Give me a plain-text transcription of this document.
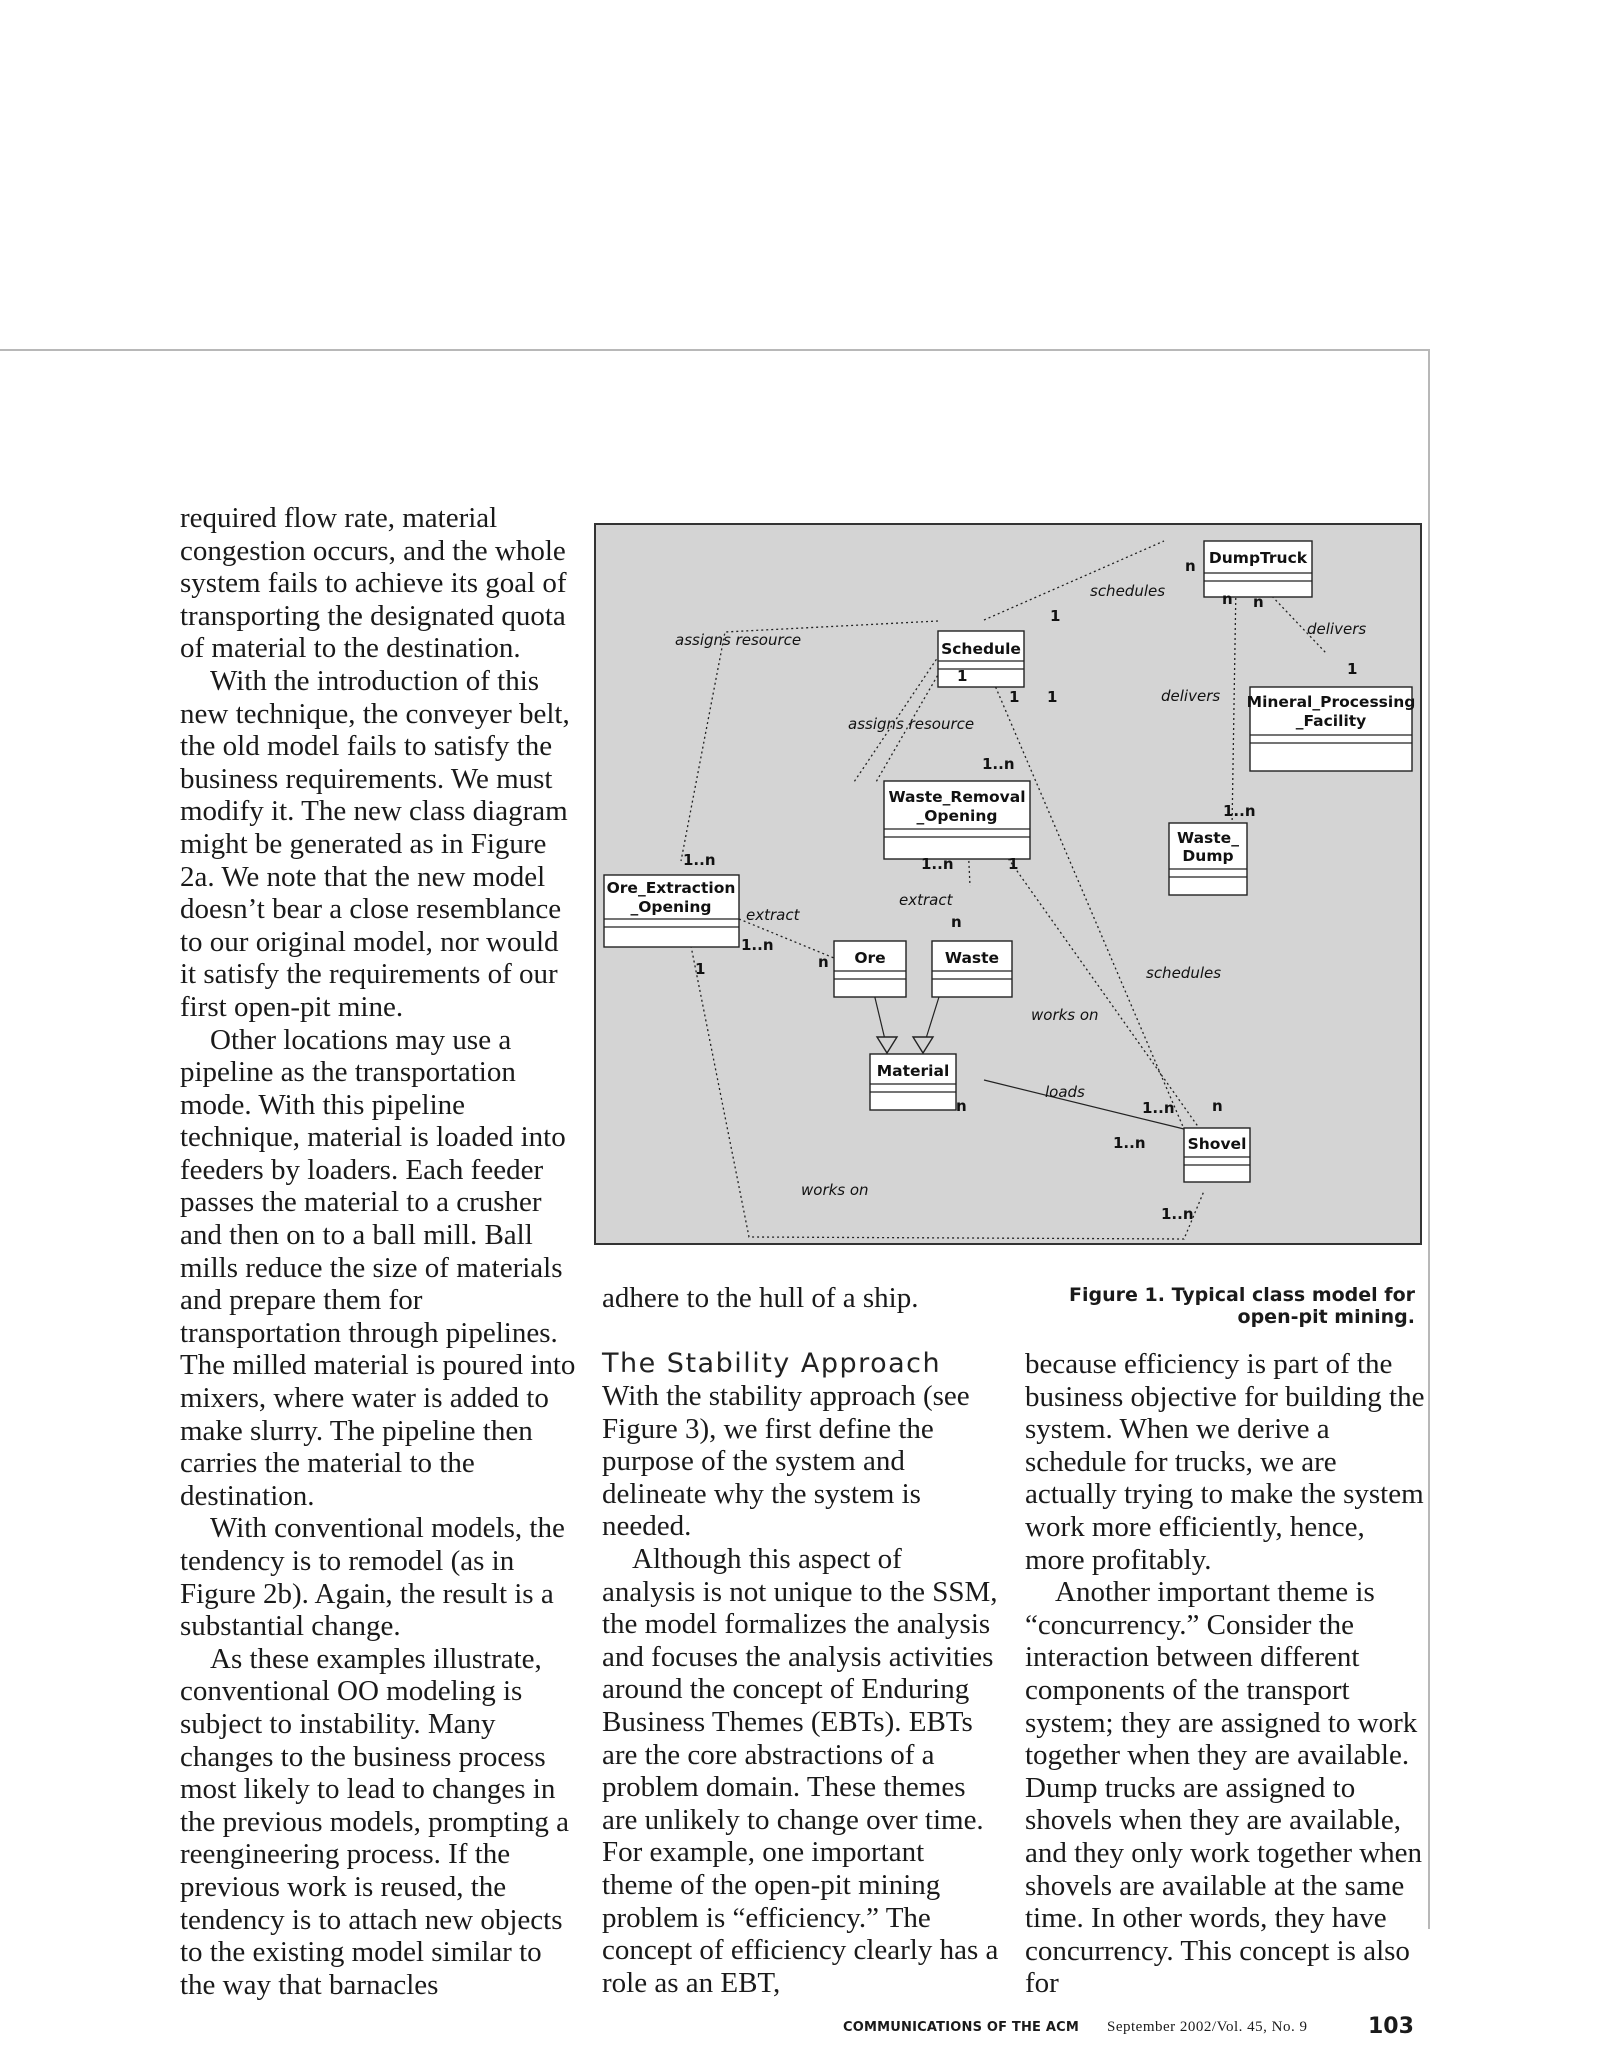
required flow rate, material congestion occurs, and the whole system fails to achieve its goal of transporting the designated quota of material to the destination.

With the introduction of this new technique, the conveyer belt, the old model fails to satisfy the business requirements. We must modify it. The new class diagram might be generated as in Figure 2a. We note that the new model doesn’t bear a close resemblance to our original model, nor would it satisfy the requirements of our first open-pit mine.

Other locations may use a pipeline as the transportation mode. With this pipeline technique, material is loaded into feeders by loaders. Each feeder passes the material to a crusher and then on to a ball mill. Ball mills reduce the size of materials and prepare them for transportation through pipelines. The milled material is poured into mixers, where water is added to make slurry. The pipeline then carries the material to the destination.

With conventional models, the tendency is to remodel (as in Figure 2b). Again, the result is a substantial change.

As these examples illustrate, conventional OO modeling is subject to instability. Many changes to the business process most likely to lead to changes in the previous models, prompting a reengineering process. If the previous work is reused, the tendency is to attach new objects to the existing model similar to the way that barnacles

DumpTruck
Schedule
Mineral_Processing
_Facility
Waste_Removal
_Opening
Waste_
Dump
Ore_Extraction
_Opening
Ore	Waste
Material
Shovel
schedules
delivers
delivers
assigns resource
assigns resource
extract
extract
schedules
works on
loads
works on
n
n n
1
1
1
1 1
1..n
1..n
1..n	1..n	1
n
1..n
n
1
n	1..n n
1..n
1..n
Figure 1. Typical class model for
open-pit mining.
adhere to the hull of a ship.
The Stability Approach

With the stability approach (see Figure 3), we first define the purpose of the system and delineate why the system is needed.

Although this aspect of analysis is not unique to the SSM, the model formalizes the analysis and focuses the analysis activities around the concept of Enduring Business Themes (EBTs). EBTs are the core abstractions of a problem domain. These themes are unlikely to change over time. For example, one important theme of the open-pit mining problem is “efficiency.” The concept of efficiency clearly has a role as an EBT,

because efficiency is part of the business objective for building the system. When we derive a schedule for trucks, we are actually trying to make the system work more efficiently, hence, more profitably.

Another important theme is “concurrency.” Consider the interaction between different components of the transport system; they are assigned to work together when they are available. Dump trucks are assigned to shovels when they are available, and they only work together when shovels are available at the same time. In other words, they have concurrency. This concept is also for

COMMUNICATIONS OF THE ACM September 2002/Vol. 45, No. 9	103
